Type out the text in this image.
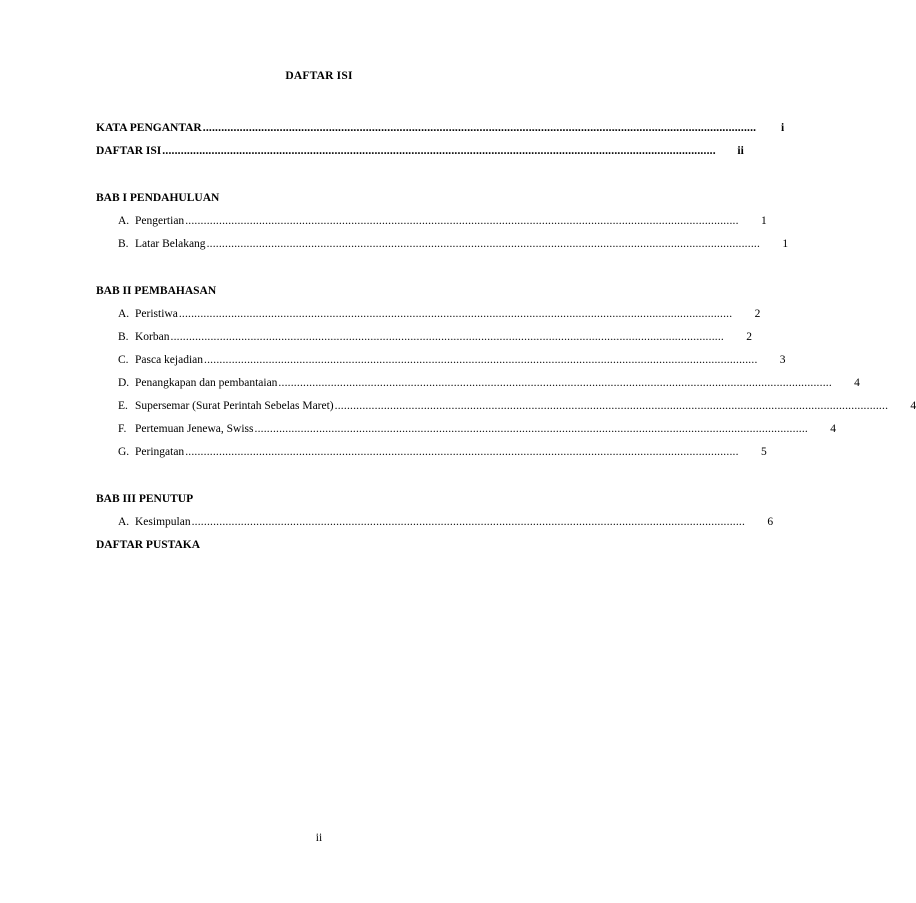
DAFTAR ISI
KATA PENGANTAR ....................................................................................................................................................................................	i
DAFTAR ISI ....................................................................................................................................................................................	ii
BAB I PENDAHULUAN
A. Pengertian ....................................................................................................................................................................................	1
B. Latar Belakang ....................................................................................................................................................................................	1
BAB II PEMBAHASAN
A. Peristiwa ....................................................................................................................................................................................	2
B. Korban ....................................................................................................................................................................................	2
C. Pasca kejadian ....................................................................................................................................................................................	3
D. Penangkapan dan pembantaian ....................................................................................................................................................................................	4
E. Supersemar (Surat Perintah Sebelas Maret) ....................................................................................................................................................................................	4
F. Pertemuan Jenewa, Swiss ....................................................................................................................................................................................	4
G. Peringatan ....................................................................................................................................................................................	5
BAB III PENUTUP
A. Kesimpulan ....................................................................................................................................................................................	6
DAFTAR PUSTAKA
ii
